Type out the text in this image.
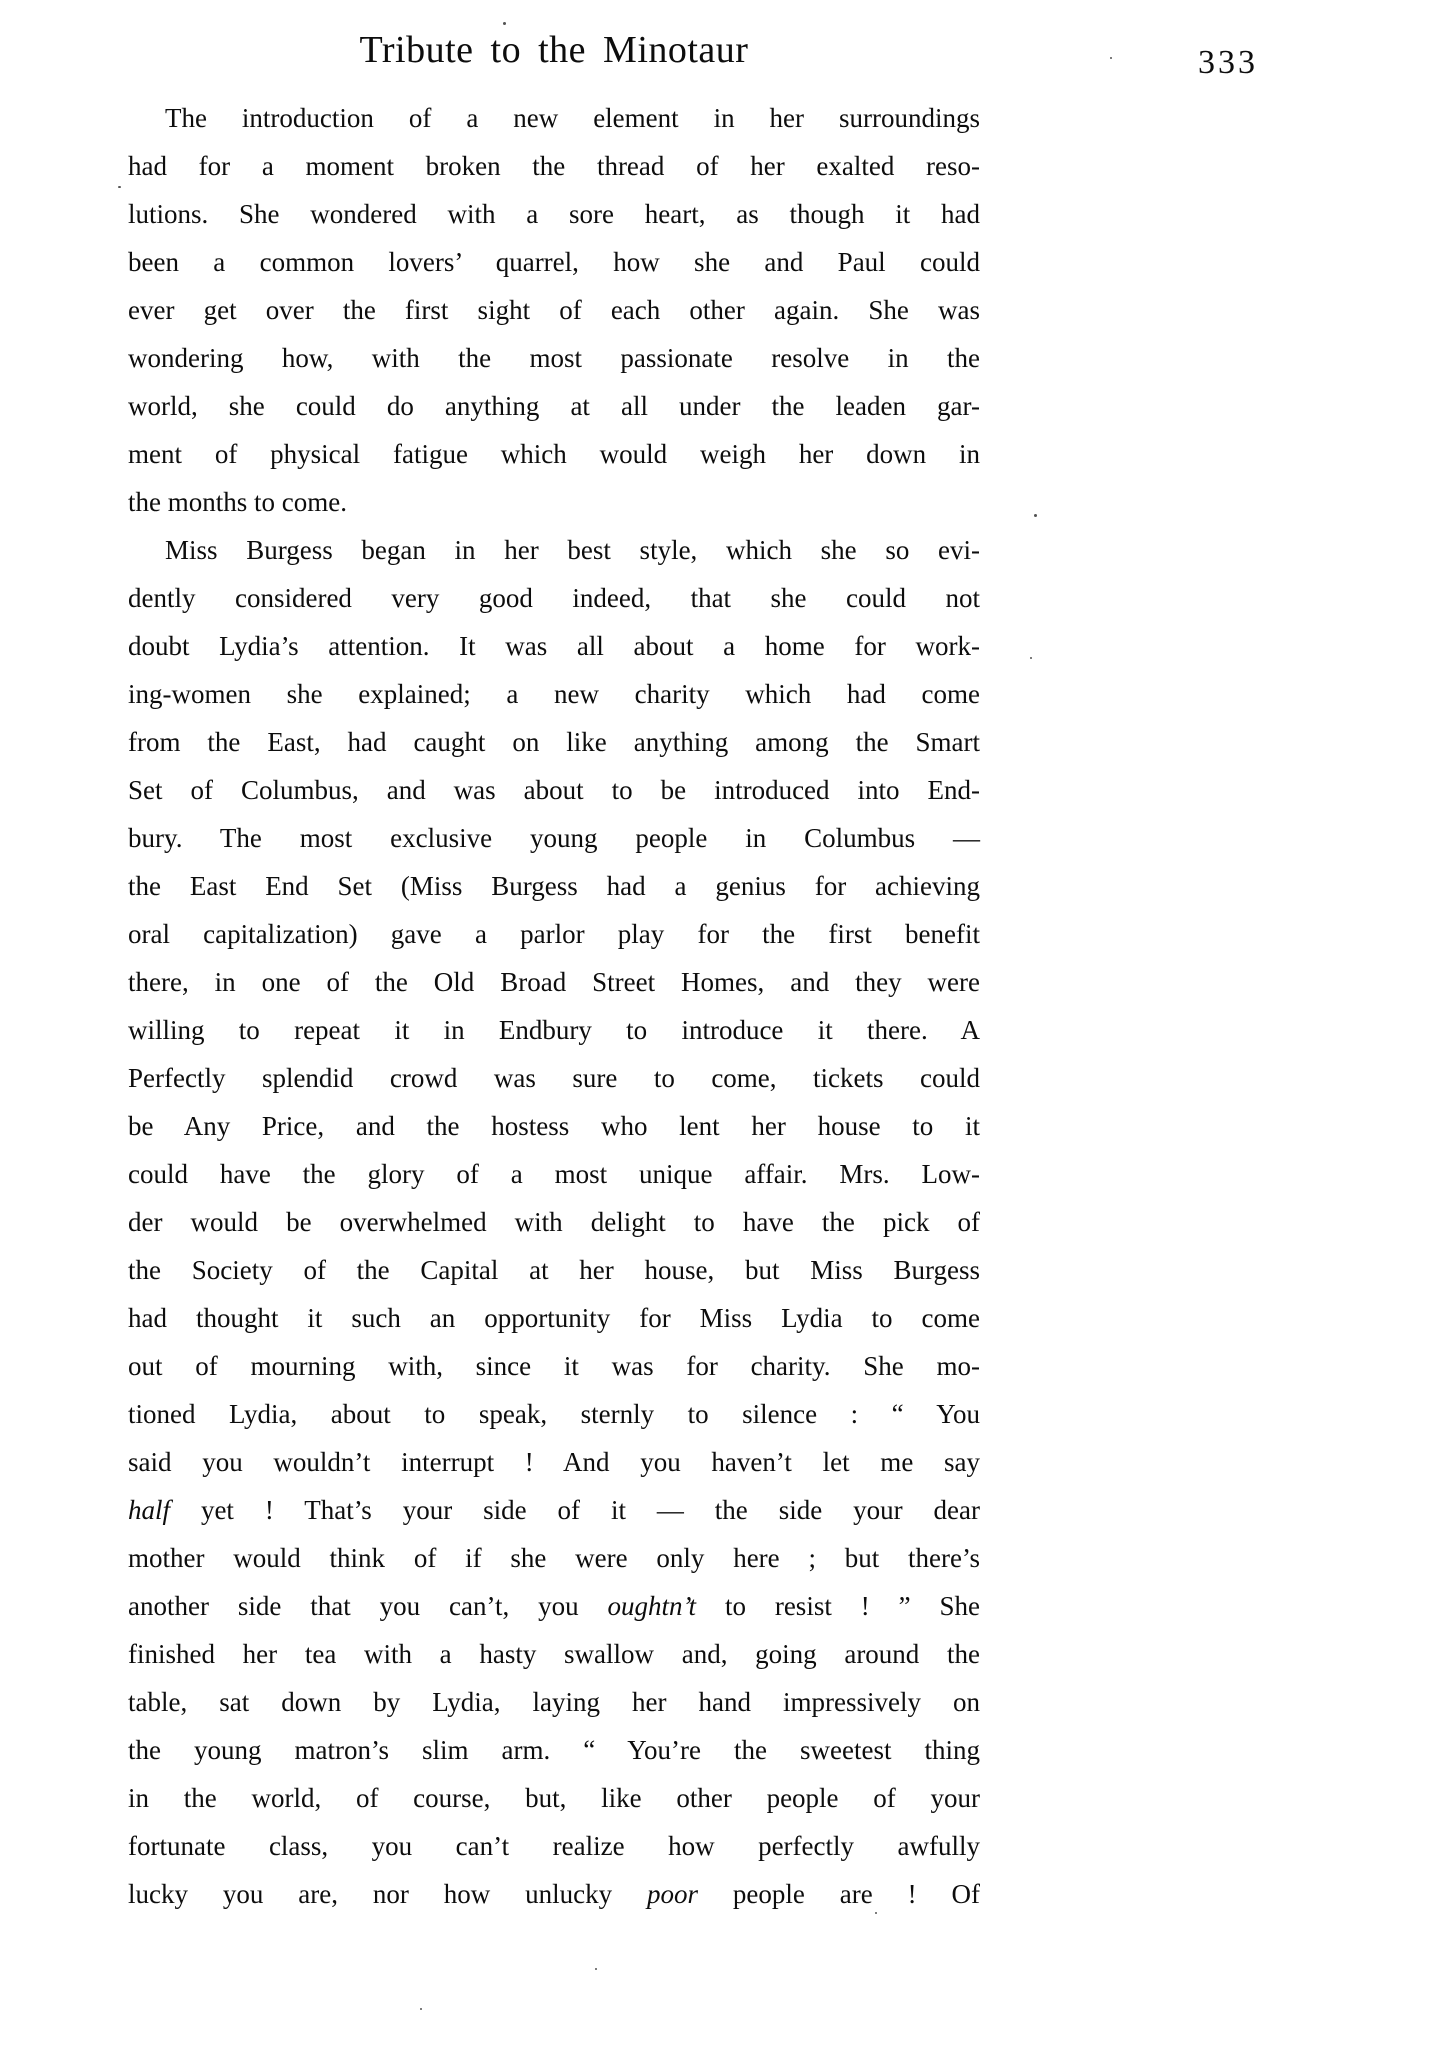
Tribute to the Minotaur	333
The introduction of a new element in her surroundings
had for a moment broken the thread of her exalted reso-
lutions. She wondered with a sore heart, as though it had
been a common lovers’ quarrel, how she and Paul could
ever get over the first sight of each other again. She was
wondering how, with the most passionate resolve in the
world, she could do anything at all under the leaden gar-
ment of physical fatigue which would weigh her down in
the months to come.
Miss Burgess began in her best style, which she so evi-
dently considered very good indeed, that she could not
doubt Lydia’s attention. It was all about a home for work-
ing-women she explained; a new charity which had come
from the East, had caught on like anything among the Smart
Set of Columbus, and was about to be introduced into End-
bury. The most exclusive young people in Columbus —
the East End Set (Miss Burgess had a genius for achieving
oral capitalization) gave a parlor play for the first benefit
there, in one of the Old Broad Street Homes, and they were
willing to repeat it in Endbury to introduce it there. A
Perfectly splendid crowd was sure to come, tickets could
be Any Price, and the hostess who lent her house to it
could have the glory of a most unique affair. Mrs. Low-
der would be overwhelmed with delight to have the pick of
the Society of the Capital at her house, but Miss Burgess
had thought it such an opportunity for Miss Lydia to come
out of mourning with, since it was for charity. She mo-
tioned Lydia, about to speak, sternly to silence : “ You
said you wouldn’t interrupt ! And you haven’t let me say
half yet ! That’s your side of it — the side your dear
mother would think of if she were only here ; but there’s
another side that you can’t, you oughtn’t to resist ! ” She
finished her tea with a hasty swallow and, going around the
table, sat down by Lydia, laying her hand impressively on
the young matron’s slim arm. “ You’re the sweetest thing
in the world, of course, but, like other people of your
fortunate class, you can’t realize how perfectly awfully
lucky you are, nor how unlucky poor people are ! Of
